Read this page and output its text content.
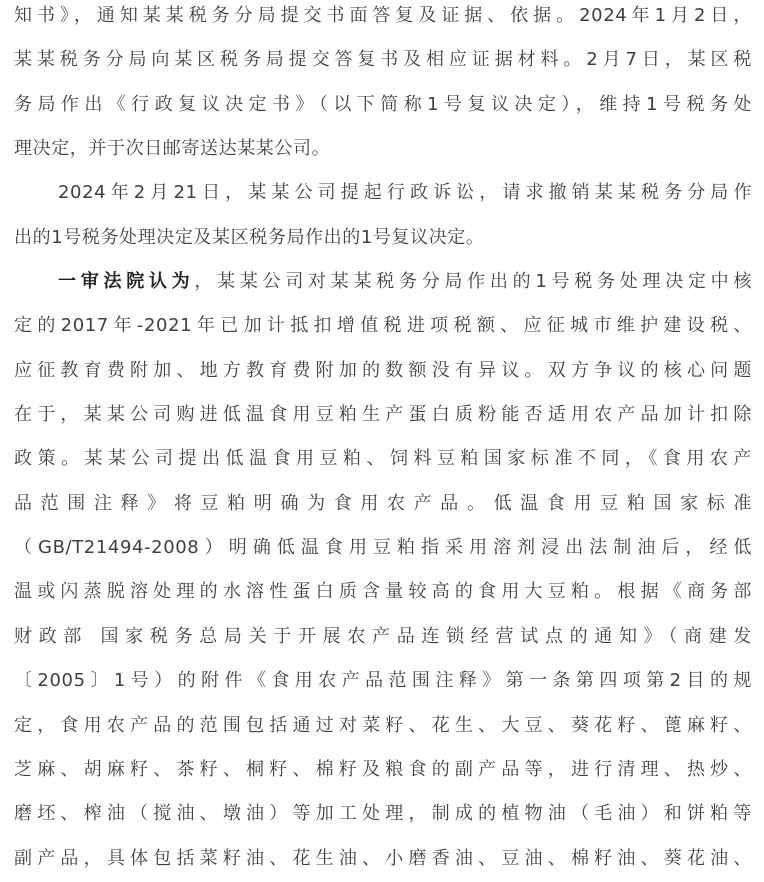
知书》，通知某某税务分局提交书面答复及证据、依据。2024年1月2日，
某某税务分局向某区税务局提交答复书及相应证据材料。2月7日，某区税
务局作出《行政复议决定书》（以下简称1号复议决定），维持1号税务处
理决定，并于次日邮寄送达某某公司。
2024年2月21日，某某公司提起行政诉讼，请求撤销某某税务分局作
出的1号税务处理决定及某区税务局作出的1号复议决定。
一审法院认为，某某公司对某某税务分局作出的1号税务处理决定中核
定的2017年-2021年已加计抵扣增值税进项税额、应征城市维护建设税、
应征教育费附加、地方教育费附加的数额没有异议。双方争议的核心问题
在于，某某公司购进低温食用豆粕生产蛋白质粉能否适用农产品加计扣除
政策。某某公司提出低温食用豆粕、饲料豆粕国家标准不同，《食用农产
品范围注释》将豆粕明确为食用农产品。低温食用豆粕国家标准
（GB/T21494-2008）明确低温食用豆粕指采用溶剂浸出法制油后，经低
温或闪蒸脱溶处理的水溶性蛋白质含量较高的食用大豆粕。根据《商务部
财政部 国家税务总局关于开展农产品连锁经营试点的通知》（商建发
〔2005〕1号）的附件《食用农产品范围注释》第一条第四项第2目的规
定，食用农产品的范围包括通过对菜籽、花生、大豆、葵花籽、蓖麻籽、
芝麻、胡麻籽、茶籽、桐籽、棉籽及粮食的副产品等，进行清理、热炒、
磨坯、榨油（搅油、墩油）等加工处理，制成的植物油（毛油）和饼粕等
副产品，具体包括菜籽油、花生油、小磨香油、豆油、棉籽油、葵花油、
